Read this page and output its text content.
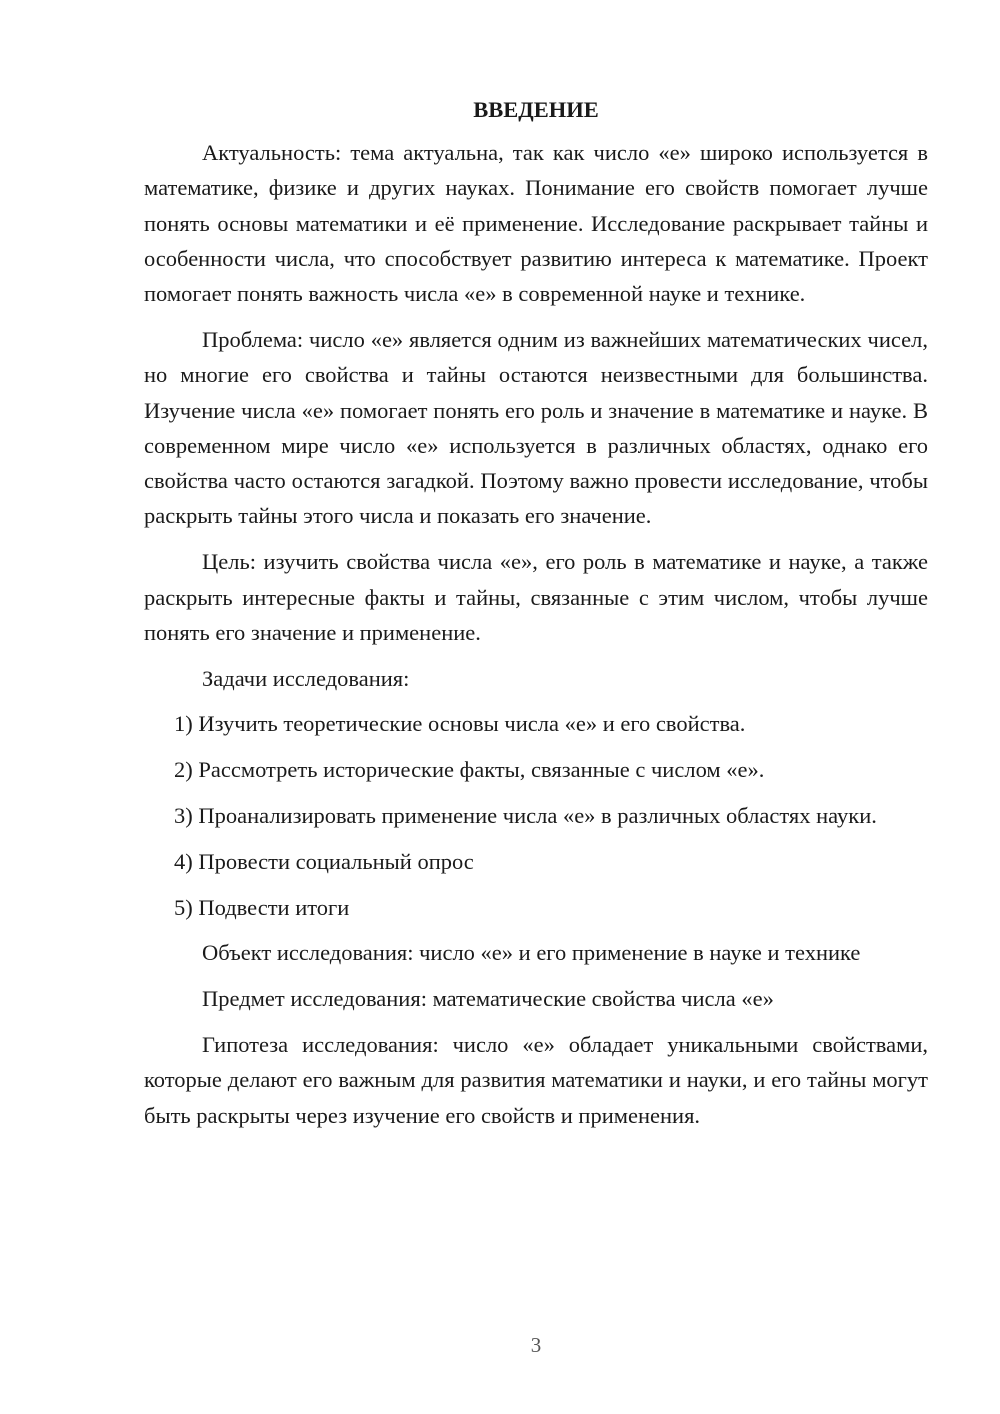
ВВЕДЕНИЕ

Актуальность: тема актуальна, так как число «e» широко используется в математике, физике и других науках. Понимание его свойств помогает лучше понять основы математики и её применение. Исследование раскрывает тайны и особенности числа, что способствует развитию интереса к математике. Проект помогает понять важность числа «e» в современной науке и технике.

Проблема: число «e» является одним из важнейших математических чисел, но многие его свойства и тайны остаются неизвестными для большинства. Изучение числа «e» помогает понять его роль и значение в математике и науке. В современном мире число «e» используется в различных областях, однако его свойства часто остаются загадкой. Поэтому важно провести исследование, чтобы раскрыть тайны этого числа и показать его значение.

Цель: изучить свойства числа «e», его роль в математике и науке, а также раскрыть интересные факты и тайны, связанные с этим числом, чтобы лучше понять его значение и применение.

Задачи исследования:

1) Изучить теоретические основы числа «e» и его свойства.

2) Рассмотреть исторические факты, связанные с числом «e».

3) Проанализировать применение числа «e» в различных областях науки.

4) Провести социальный опрос

5) Подвести итоги

Объект исследования: число «e» и его применение в науке и технике

Предмет исследования: математические свойства числа «e»

Гипотеза исследования: число «e» обладает уникальными свойствами, которые делают его важным для развития математики и науки, и его тайны могут быть раскрыты через изучение его свойств и применения.

3
